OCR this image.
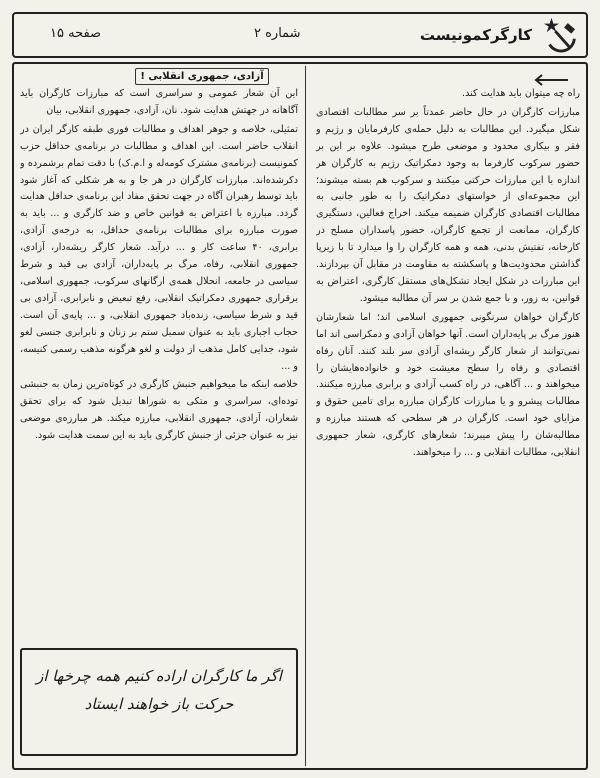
کارگرکمونیست
شماره ۲
صفحه ۱۵
آزادی، جمهوری انقلابی !

راه چه میتوان باید هدایت کند.

مبارزات کارگران در حال حاضر عمدتاً بر سر مطالبات اقتصادی شکل میگیرد. این مطالبات به دلیل حمله‌ی کارفرمایان و رژیم و فقر و بیکاری محدود و موضعی طرح میشود. علاوه بر این بر حضور سرکوب کارفرما به وجود دمکراتیک رژیم به کارگران هر اندازه با این مبارزات حرکتی میکنند و سرکوب هم بسته میشوند؛ این مجموعه‌ای از خواستهای دمکراتیک را به طور جانبی به مطالبات اقتصادی کارگران ضمیمه میکند. اخراج فعالین، دستگیری کارگران، ممانعت از تجمع کارگران، حضور پاسداران مسلح در کارخانه، تفتیش بدنی، همه و همه کارگران را وا میدارد تا با زیرپا گذاشتن محدودیت‌ها و پاسکشته به مقاومت در مقابل آن بپردازند. این مبارزات در شکل ایجاد تشکل‌های مستقل کارگری، اعتراض به قوانین، به زور، و با جمع شدن بر سر آن مطالبه میشود.

کارگران خواهان سرنگونی جمهوری اسلامی اند؛ اما شعارشان هنوز مرگ بر پایه‌داران است. آنها خواهان آزادی و دمکراسی اند اما نمی‌توانند از شعار کارگر ریشه‌ای آزادی سر بلند کنند. آنان رفاه اقتصادی و رفاه را سطح معیشت خود و خانواده‌هایشان را میخواهند و ... آگاهی، در راه کسب آزادی و برابری مبارزه میکنند. مطالبات پیشرو و یا مبارزات کارگران مبارزه برای تامین حقوق و مزایای خود است. کارگران در هر سطحی که هستند مبارزه و مطالبه‌شان را پیش میبرند؛ شعارهای کارگری، شعار جمهوری انقلابی، مطالبات انقلابی و ... را میخواهند.

این آن شعار عمومی و سراسری است که مبارزات کارگران باید آگاهانه در جهتش هدایت شود. نان، آزادی، جمهوری انقلابی، بیان

تمثیلی، خلاصه و جوهر اهداف و مطالبات فوری طبقه کارگر ایران در انقلاب حاضر است. این اهداف و مطالبات در برنامه‌ی حداقل حزب کمونیست (برنامه‌ی مشترک کومه‌له و ا.م.ک) با دقت تمام برشمرده و دکرشده‌اند. مبارزات کارگران در هر جا و به هر شکلی که آغاز شود باید توسط رهبران آگاه در جهت تحقق مفاد این برنامه‌ی حداقل هدایت گردد. مبارزه با اعتراض به قوانین خاص و ضد کارگری و ... باید به صورت مبارزه برای مطالبات برنامه‌ی حداقل، به درجه‌ی آزادی، برابری، ۴۰ ساعت کار و ... درآید. شعار کارگر ریشه‌دار، آزادی، جمهوری انقلابی، رفاه، مرگ بر پایه‌داران، آزادی بی قید و شرط سیاسی در جامعه، انحلال همه‌ی ارگانهای سرکوب، جمهوری اسلامی، برقراری جمهوری دمکراتیک انقلابی، رفع تبعیض و نابرابری، آزادی بی قید و شرط سیاسی، زنده‌باد جمهوری انقلابی، و ... پایه‌ی آن است. حجاب اجباری باید به عنوان سمبل ستم بر زنان و نابرابری جنسی لغو شود، جدایی کامل مذهب از دولت و لغو هرگونه مذهب رسمی کنیسه، و ...

خلاصه اینکه ما میخواهیم جنبش کارگری در کوتاه‌ترین زمان به جنبشی توده‌ای، سراسری و متکی به شوراها تبدیل شود که برای تحقق شعاران، آزادی، جمهوری انقلابی، مبارزه میکند. هر مبارزه‌ی موضعی نیز به عنوان جزئی از جنبش کارگری باید به این سمت هدایت شود.

اگر ما کارگران اراده کنیم همه چرخها از حرکت باز خواهند ایستاد
